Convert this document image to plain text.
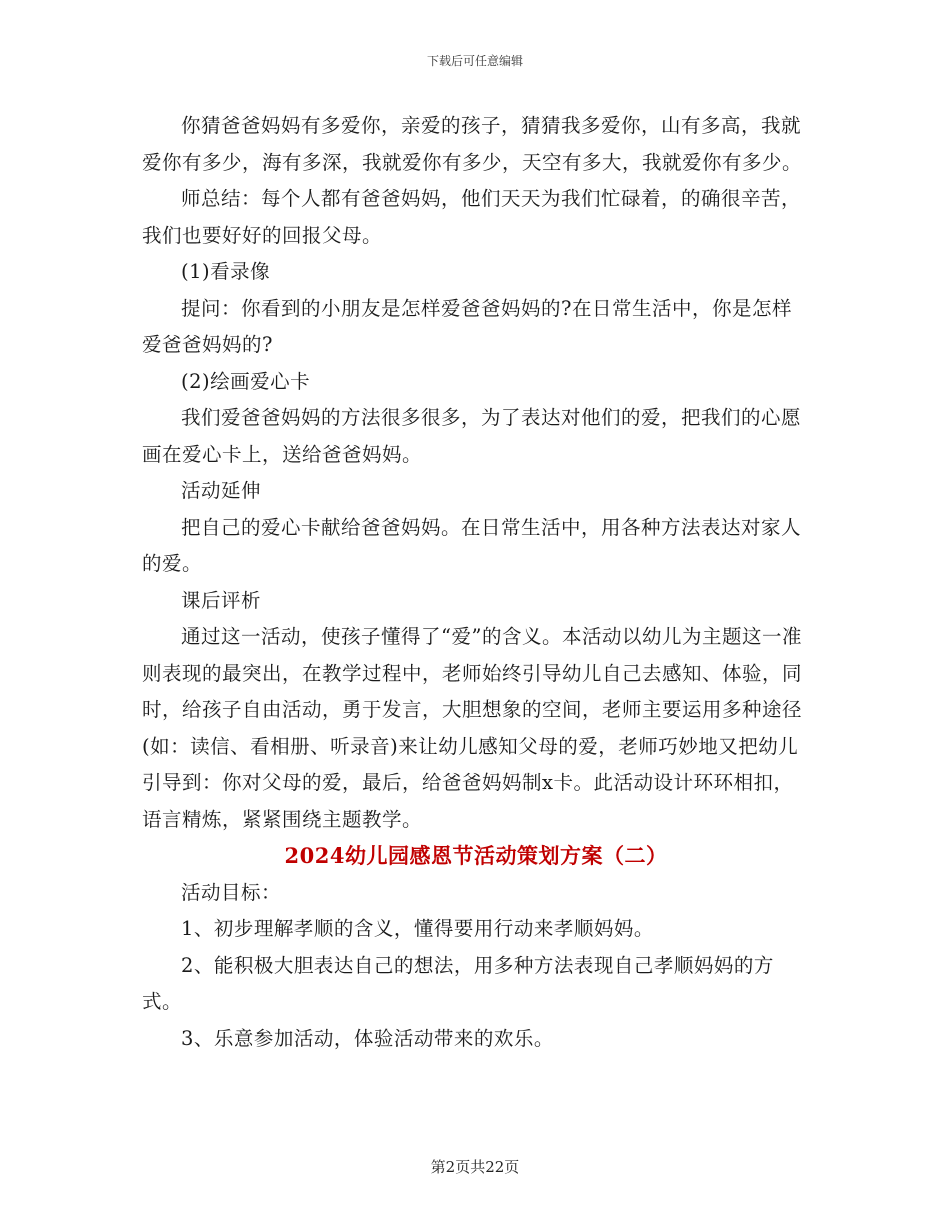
下载后可任意编辑

你猜爸爸妈妈有多爱你，亲爱的孩子，猜猜我多爱你，山有多高，我就爱你有多少，海有多深，我就爱你有多少，天空有多大，我就爱你有多少。

师总结：每个人都有爸爸妈妈，他们天天为我们忙碌着，的确很辛苦，我们也要好好的回报父母。

(1)看录像

提问：你看到的小朋友是怎样爱爸爸妈妈的?在日常生活中，你是怎样爱爸爸妈妈的?

(2)绘画爱心卡

我们爱爸爸妈妈的方法很多很多，为了表达对他们的爱，把我们的心愿画在爱心卡上，送给爸爸妈妈。

活动延伸

把自己的爱心卡献给爸爸妈妈。在日常生活中，用各种方法表达对家人的爱。

课后评析

通过这一活动，使孩子懂得了“爱”的含义。本活动以幼儿为主题这一准则表现的最突出，在教学过程中，老师始终引导幼儿自己去感知、体验，同时，给孩子自由活动，勇于发言，大胆想象的空间，老师主要运用多种途径(如：读信、看相册、听录音)来让幼儿感知父母的爱，老师巧妙地又把幼儿引导到：你对父母的爱，最后，给爸爸妈妈制x卡。此活动设计环环相扣，语言精炼，紧紧围绕主题教学。

2024幼儿园感恩节活动策划方案（二）

活动目标：

1、初步理解孝顺的含义，懂得要用行动来孝顺妈妈。

2、能积极大胆表达自己的想法，用多种方法表现自己孝顺妈妈的方式。

3、乐意参加活动，体验活动带来的欢乐。

第2页共22页
